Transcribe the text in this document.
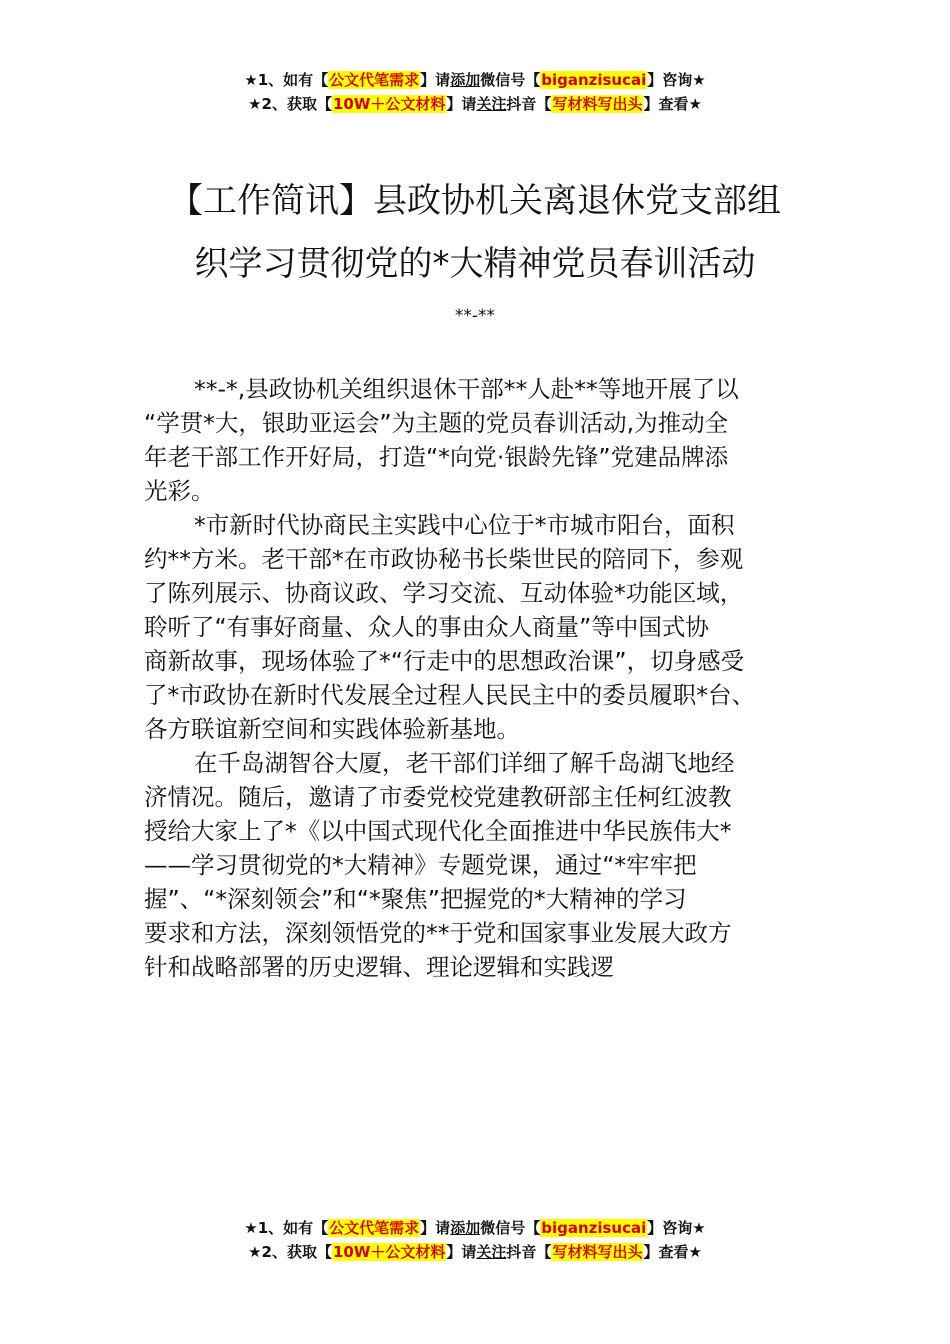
★1、如有【公文代笔需求】请添加微信号【biganzisucai】咨询★
★2、获取【10W＋公文材料】请关注抖音【写材料写出头】查看★
【工作简讯】县政协机关离退休党支部组
织学习贯彻党的*大精神党员春训活动
**-**
**-*,县政协机关组织退休干部**人赴**等地开展了以
“学贯*大，银助亚运会”为主题的党员春训活动,为推动全
年老干部工作开好局，打造“*向党·银龄先锋”党建品牌添
光彩。
*市新时代协商民主实践中心位于*市城市阳台，面积
约**方米。老干部*在市政协秘书长柴世民的陪同下，参观
了陈列展示、协商议政、学习交流、互动体验*功能区域，
聆听了“有事好商量、众人的事由众人商量”等中国式协
商新故事，现场体验了*“行走中的思想政治课”，切身感受
了*市政协在新时代发展全过程人民民主中的委员履职*台、
各方联谊新空间和实践体验新基地。
在千岛湖智谷大厦，老干部们详细了解千岛湖飞地经
济情况。随后，邀请了市委党校党建教研部主任柯红波教
授给大家上了*《以中国式现代化全面推进中华民族伟大*
——学习贯彻党的*大精神》专题党课，通过“*牢牢把
握”、“*深刻领会”和“*聚焦”把握党的*大精神的学习
要求和方法，深刻领悟党的**于党和国家事业发展大政方
针和战略部署的历史逻辑、理论逻辑和实践逻
★1、如有【公文代笔需求】请添加微信号【biganzisucai】咨询★
★2、获取【10W＋公文材料】请关注抖音【写材料写出头】查看★
